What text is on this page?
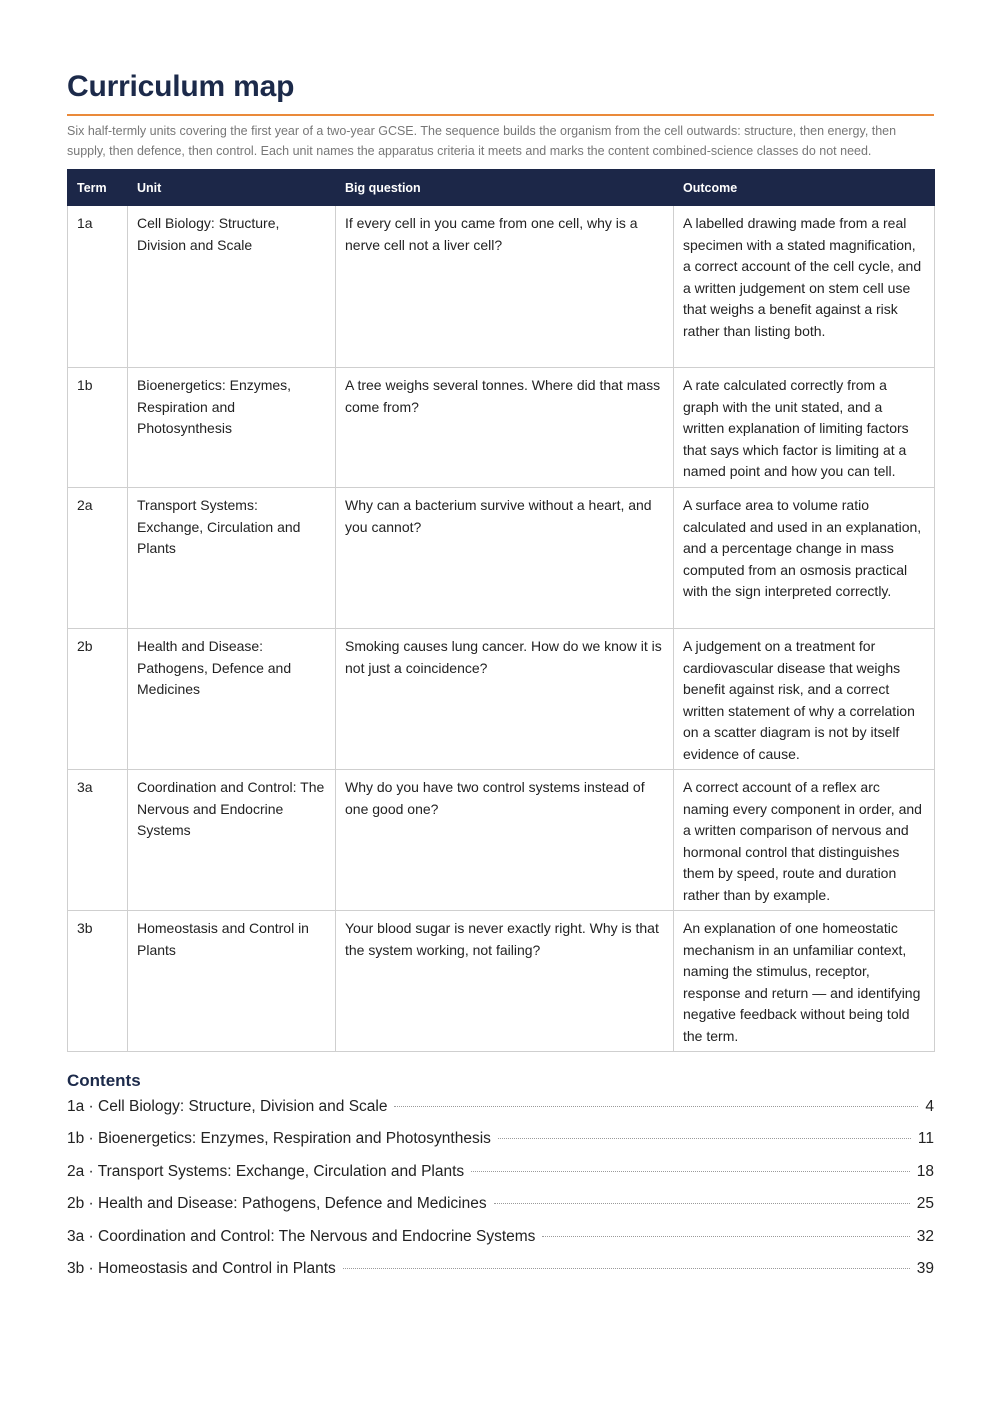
Curriculum map
Six half-termly units covering the first year of a two-year GCSE. The sequence builds the organism from the cell outwards: structure, then energy, then supply, then defence, then control. Each unit names the apparatus criteria it meets and marks the content combined-science classes do not need.
Term	Unit	Big question	Outcome
1a	Cell Biology: Structure, Division and Scale	If every cell in you came from one cell, why is a nerve cell not a liver cell?	A labelled drawing made from a real specimen with a stated magnification, a correct account of the cell cycle, and a written judgement on stem cell use that weighs a benefit against a risk rather than listing both.
1b	Bioenergetics: Enzymes, Respiration and Photosynthesis	A tree weighs several tonnes. Where did that mass come from?	A rate calculated correctly from a graph with the unit stated, and a written explanation of limiting factors that says which factor is limiting at a named point and how you can tell.
2a	Transport Systems: Exchange, Circulation and Plants	Why can a bacterium survive without a heart, and you cannot?	A surface area to volume ratio calculated and used in an explanation, and a percentage change in mass computed from an osmosis practical with the sign interpreted correctly.
2b	Health and Disease: Pathogens, Defence and Medicines	Smoking causes lung cancer. How do we know it is not just a coincidence?	A judgement on a treatment for cardiovascular disease that weighs benefit against risk, and a correct written statement of why a correlation on a scatter diagram is not by itself evidence of cause.
3a	Coordination and Control: The Nervous and Endocrine Systems	Why do you have two control systems instead of one good one?	A correct account of a reflex arc naming every component in order, and a written comparison of nervous and hormonal control that distinguishes them by speed, route and duration rather than by example.
3b	Homeostasis and Control in Plants	Your blood sugar is never exactly right. Why is that the system working, not failing?	An explanation of one homeostatic mechanism in an unfamiliar context, naming the stimulus, receptor, response and return — and identifying negative feedback without being told the term.
Contents
1a · Cell Biology: Structure, Division and Scale	4
1b · Bioenergetics: Enzymes, Respiration and Photosynthesis	11
2a · Transport Systems: Exchange, Circulation and Plants	18
2b · Health and Disease: Pathogens, Defence and Medicines	25
3a · Coordination and Control: The Nervous and Endocrine Systems	32
3b · Homeostasis and Control in Plants	39
